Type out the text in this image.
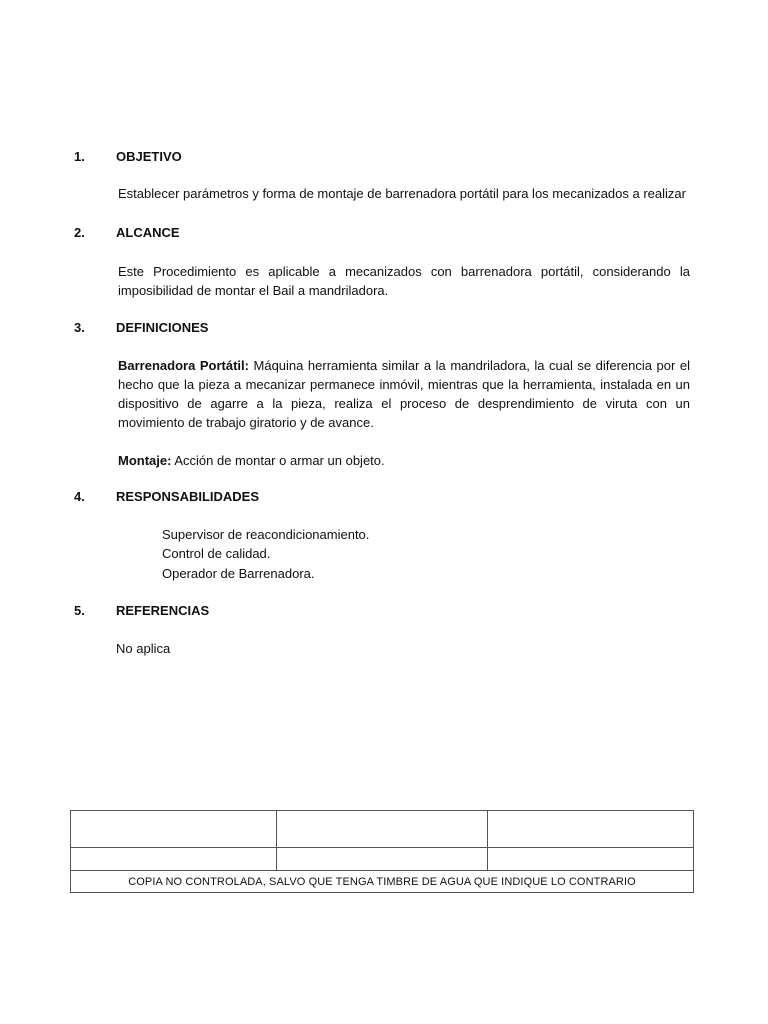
1. OBJETIVO
Establecer parámetros y forma de montaje de barrenadora portátil para los mecanizados a realizar
2. ALCANCE
Este Procedimiento es aplicable a mecanizados con barrenadora portátil, considerando la imposibilidad de montar el Bail a mandriladora.
3. DEFINICIONES
Barrenadora Portátil: Máquina herramienta similar a la mandriladora, la cual se diferencia por el hecho que la pieza a mecanizar permanece inmóvil, mientras que la herramienta, instalada en un dispositivo de agarre a la pieza, realiza el proceso de desprendimiento de viruta con un movimiento de trabajo giratorio y de avance.
Montaje: Acción de montar o armar un objeto.
4. RESPONSABILIDADES
Supervisor de reacondicionamiento.
Control de calidad.
Operador de Barrenadora.
5. REFERENCIAS
No aplica

COPIA NO CONTROLADA, SALVO QUE TENGA TIMBRE DE AGUA QUE INDIQUE LO CONTRARIO		
